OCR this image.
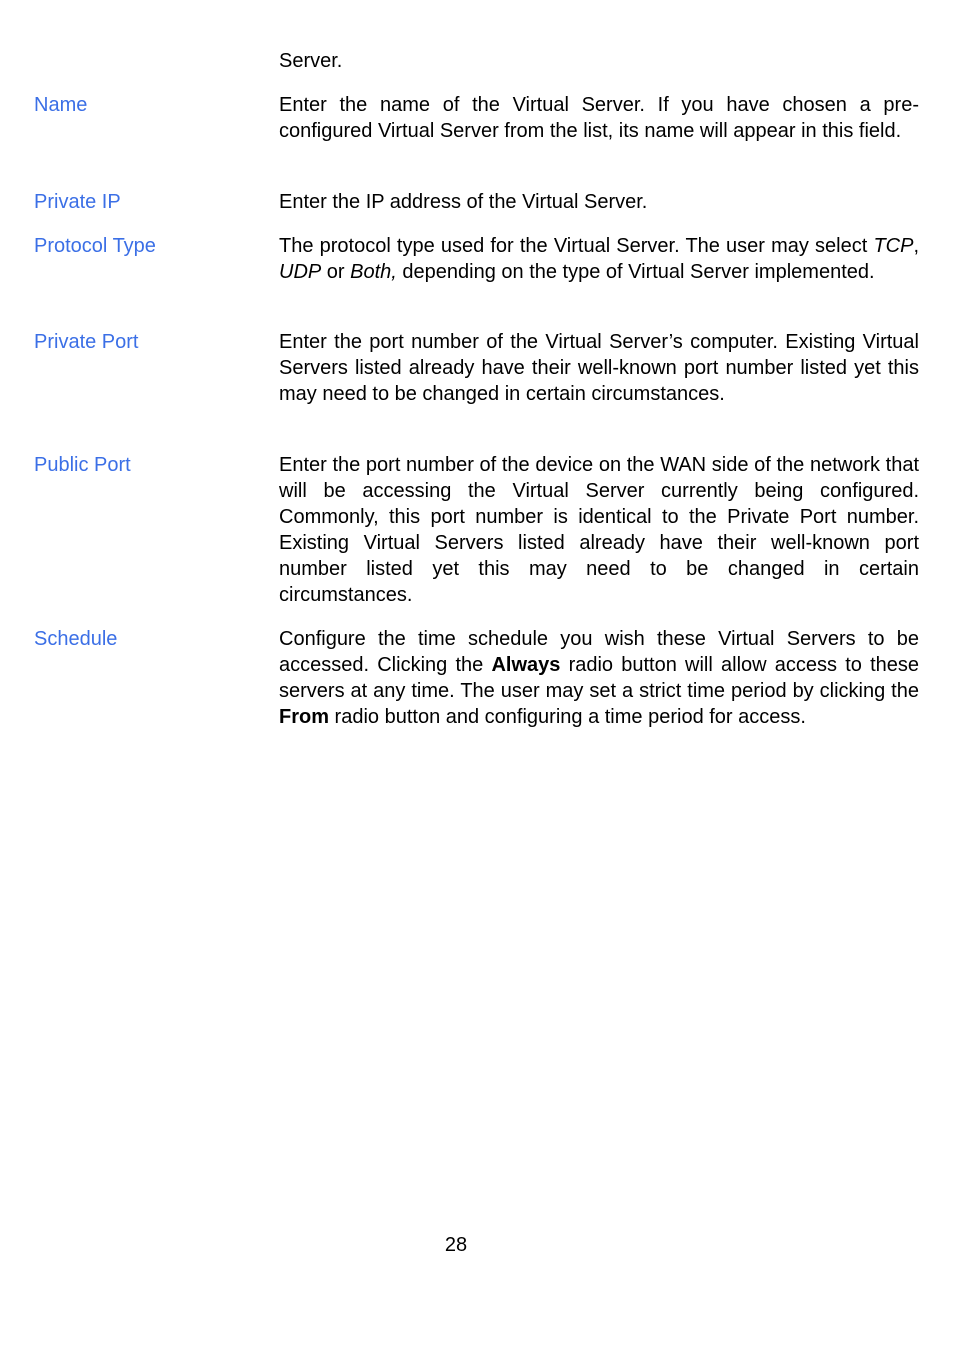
Server.
Name	Enter the name of the Virtual Server. If you have chosen a pre-configured Virtual Server from the list, its name will appear in this field.
Private IP	Enter the IP address of the Virtual Server.
Protocol Type	The protocol type used for the Virtual Server. The user may select TCP, UDP or Both, depending on the type of Virtual Server implemented.
Private Port	Enter the port number of the Virtual Server’s computer. Existing Virtual Servers listed already have their well-known port number listed yet this may need to be changed in certain circumstances.
Public Port	Enter the port number of the device on the WAN side of the network that will be accessing the Virtual Server currently being configured. Commonly, this port number is identical to the Private Port number. Existing Virtual Servers listed already have their well-known port number listed yet this may need to be changed in certain circumstances.
Schedule	Configure the time schedule you wish these Virtual Servers to be accessed. Clicking the Always radio button will allow access to these servers at any time. The user may set a strict time period by clicking the From radio button and configuring a time period for access.
28
